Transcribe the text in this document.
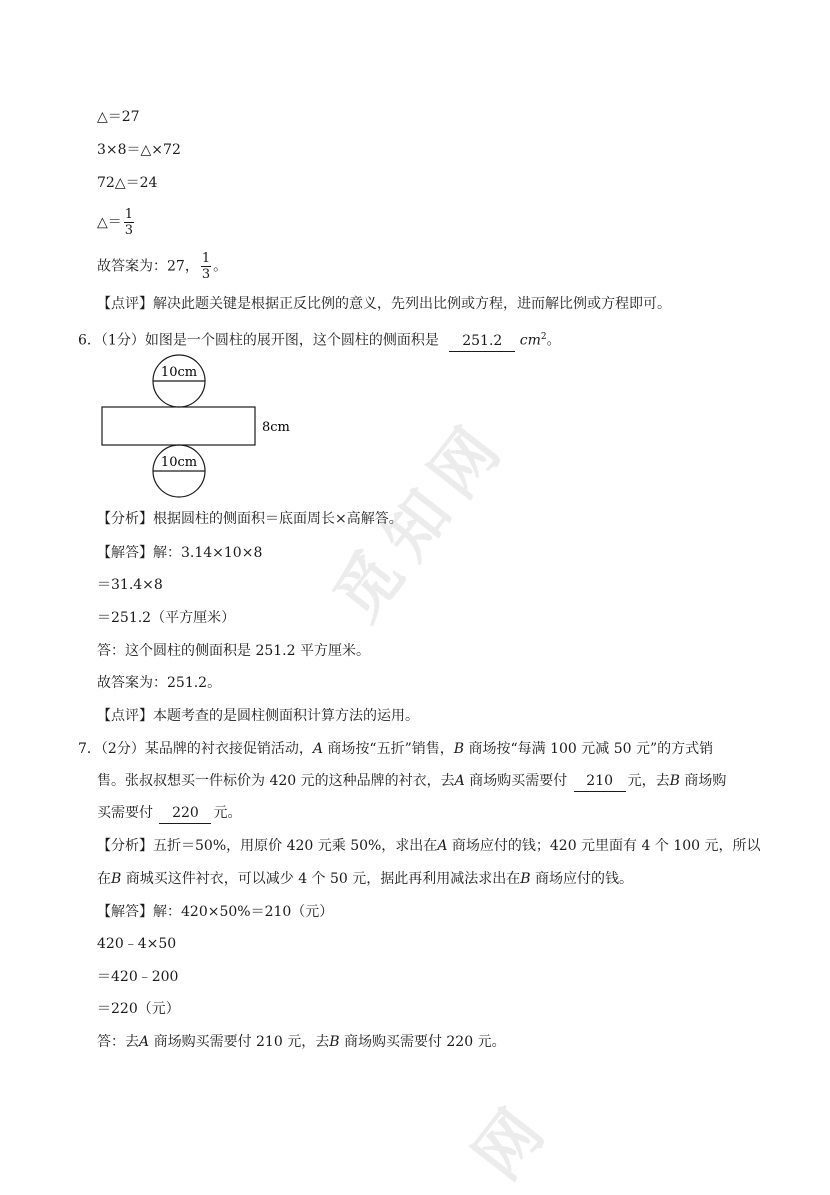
觅知网
网
△＝27
3×8＝△×72
72△＝24
△＝ $\frac{1}{3}$
故答案为：27， $\frac{1}{3}$ 。
【点评】解决此题关键是根据正反比例的意义，先列出比例或方程，进而解比例或方程即可。
6．（1分）如图是一个圆柱的展开图，这个圆柱的侧面积是 251.2 $cm^2$。
10cm
8cm
10cm
【分析】根据圆柱的侧面积＝底面周长×高解答。
【解答】解：3.14×10×8
＝31.4×8
＝251.2（平方厘米）
答：这个圆柱的侧面积是 251.2 平方厘米。
故答案为：251.2。
【点评】本题考查的是圆柱侧面积计算方法的运用。
7．（2分）某品牌的衬衣接促销活动，A 商场按“五折”销售，B 商场按“每满 100 元减 50 元”的方式销
售。张叔叔想买一件标价为 420 元的这种品牌的衬衣，去A 商场购买需要付 210 元，去B 商场购
买需要付 220 元。
【分析】五折＝50%，用原价 420 元乘 50%，求出在A 商场应付的钱；420 元里面有 4 个 100 元，所以
在B 商城买这件衬衣，可以减少 4 个 50 元，据此再利用减法求出在B 商场应付的钱。
【解答】解：420×50%＝210（元）
420﹣4×50
＝420﹣200
＝220（元）
答：去A 商场购买需要付 210 元，去B 商场购买需要付 220 元。
